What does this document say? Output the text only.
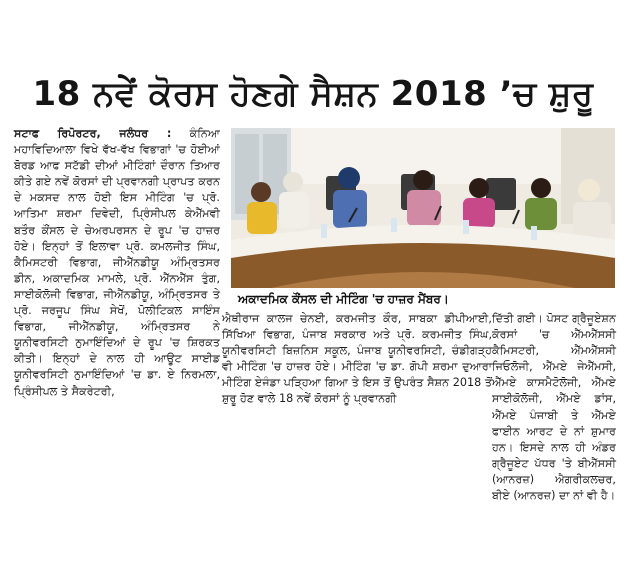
18 ਨਵੇਂ ਕੋਰਸ ਹੋਣਗੇ ਸੈਸ਼ਨ 2018 ’ਚ ਸ਼ੁਰੂ
ਸਟਾਫ ਰਿਪੋਰਟਰ, ਜਲੰਧਰ : ਕੰਨਿਆ ਮਹਾਵਿਦਿਆਲਾ ਵਿਖੇ ਵੱਖ-ਵੱਖ ਵਿਭਾਗਾਂ 'ਚ ਹੋਈਆਂ ਬੋਰਡ ਆਫ ਸਟੱਡੀ ਦੀਆਂ ਮੀਟਿੰਗਾਂ ਦੌਰਾਨ ਤਿਆਰ ਕੀਤੇ ਗਏ ਨਵੇਂ ਕੋਰਸਾਂ ਦੀ ਪ੍ਰਵਾਨਗੀ ਪ੍ਰਾਪਤ ਕਰਨ ਦੇ ਮਕਸਦ ਨਾਲ ਹੋਈ ਇਸ ਮੀਟਿੰਗ 'ਚ ਪ੍ਰੋ. ਆਤਿਮਾ ਸ਼ਰਮਾ ਦਿਵੇਦੀ, ਪ੍ਰਿੰਸੀਪਲ ਕੇਐੱਮਵੀ ਬਤੌਰ ਕੌਂਸਲ ਦੇ ਚੇਅਰਪਰਸਨ ਦੇ ਰੂਪ 'ਚ ਹਾਜ਼ਰ ਹੋਏ। ਇਨ੍ਹਾਂ ਤੋਂ ਇਲਾਵਾ ਪ੍ਰੋ. ਕਮਲਜੀਤ ਸਿੰਘ, ਕੈਮਿਸਟਰੀ ਵਿਭਾਗ, ਜੀਐੱਨਡੀਯੂ ਅੰਮ੍ਰਿਤਸਰ ਡੀਨ, ਅਕਾਦਮਿਕ ਮਾਮਲੇ, ਪ੍ਰੋ. ਐੱਨਐੱਸ ਤੁੰਗ, ਸਾਈਕੋਲੋਜੀ ਵਿਭਾਗ, ਜੀਐੱਨਡੀਯੂ, ਅੰਮ੍ਰਿਤਸਰ ਤੇ ਪ੍ਰੋ. ਜਰਜੂਪ ਸਿੰਘ ਸੇਖੋਂ, ਪੋਲੀਟਿਕਲ ਸਾਇੰਸ ਵਿਭਾਗ, ਜੀਐੱਨਡੀਯੂ, ਅੰਮ੍ਰਿਤਸਰ ਨੇ ਯੂਨੀਵਰਸਿਟੀ ਨੁਮਾਇੰਦਿਆਂ ਦੇ ਰੂਪ 'ਚ ਸ਼ਿਰਕਤ ਕੀਤੀ। ਇਨ੍ਹਾਂ ਦੇ ਨਾਲ ਹੀ ਆਊਟ ਸਾਈਡ ਯੂਨੀਵਰਸਿਟੀ ਨੁਮਾਇੰਦਿਆਂ 'ਚ ਡਾ. ਏ ਨਿਰਮਲਾ, ਪ੍ਰਿੰਸੀਪਲ ਤੇ ਸੈਕਰੇਟਰੀ,
ਅਕਾਦਮਿਕ ਕੌਂਸਲ ਦੀ ਮੀਟਿੰਗ 'ਚ ਹਾਜ਼ਰ ਮੈਂਬਰ।
ਐਥੀਰਾਜ ਕਾਲਜ ਚੇਨਈ, ਕਰਮਜੀਤ ਕੌਰ, ਸਾਬਕਾ ਡੀਪੀਆਈ, ਸਿੱਖਿਆ ਵਿਭਾਗ, ਪੰਜਾਬ ਸਰਕਾਰ ਅਤੇ ਪ੍ਰੋ. ਕਰਮਜੀਤ ਸਿੰਘ, ਯੂਨੀਵਰਸਿਟੀ ਬਿਜ਼ਨਿਸ ਸਕੂਲ, ਪੰਜਾਬ ਯੂਨੀਵਰਸਿਟੀ, ਚੰਡੀਗੜ੍ਹ ਵੀ ਮੀਟਿੰਗ 'ਚ ਹਾਜ਼ਰ ਹੋਏ। ਮੀਟਿੰਗ 'ਚ ਡਾ. ਗੋਪੀ ਸ਼ਰਮਾ ਦੁਆਰਾ ਮੀਟਿੰਗ ਏਜੰਡਾ ਪੜ੍ਹਿਆ ਗਿਆ ਤੇ ਇਸ ਤੋਂ ਉਪਰੰਤ ਸੈਸ਼ਨ 2018 ਤੋਂ ਸ਼ੁਰੂ ਹੋਣ ਵਾਲੇ 18 ਨਵੇਂ ਕੋਰਸਾਂ ਨੂੰ ਪ੍ਰਵਾਨਗੀ
ਦਿੱਤੀ ਗਈ। ਪੋਸਟ ਗ੍ਰੈਜੂਏਸ਼ਨ ਕੋਰਸਾਂ 'ਚ ਐੱਮਐੱਸਸੀ ਕੈਮਿਸਟਰੀ, ਐੱਮਐੱਸਸੀ ਜਿਓਲੋਜੀ, ਐੱਮਏ ਜੇਐੱਮਸੀ, ਐੱਮਏ ਕਾਸਮੈਟੋਲੋਜੀ, ਐੱਮਏ ਸਾਈਕੋਲੋਜੀ, ਐੱਮਏ ਡਾਂਸ, ਐੱਮਏ ਪੰਜਾਬੀ ਤੇ ਐੱਮਏ ਫਾਈਨ ਆਰਟ ਦੇ ਨਾਂ ਸ਼ੁਮਾਰ ਹਨ। ਇਸਦੇ ਨਾਲ ਹੀ ਅੰਡਰ ਗ੍ਰੈਜੂਏਟ ਪੱਧਰ 'ਤੇ ਬੀਐੱਸਸੀ (ਆਨਰਜ਼) ਐਗਰੀਕਲਚਰ, ਬੀਏ (ਆਨਰਜ਼) ਦਾ ਨਾਂ ਵੀ ਹੈ।
